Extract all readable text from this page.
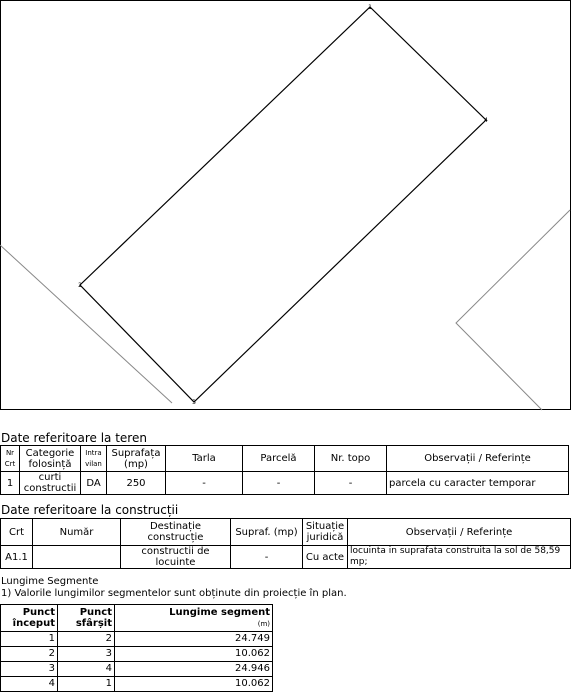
1
4
3
2
Date referitoare la teren
Nr Crt	Categorie folosință	Intra vilan	Suprafața (mp)	Tarla	Parcelă	Nr. topo	Observații / Referințe
1	curti constructii	DA	250	-	-	-	parcela cu caracter temporar
Date referitoare la construcții
Crt	Număr	Destinație construcție	Supraf. (mp)	Situație juridică	Observații / Referințe
A1.1		constructii de locuinte	-	Cu acte	locuinta in suprafata construita la sol de 58,59 mp;
Lungime Segmente
1) Valorile lungimilor segmentelor sunt obținute din proiecție în plan.
Punct început	Punct sfârșit	Lungime segment
(m)
1	2	24.749
2	3	10.062
3	4	24.946
4	1	10.062
